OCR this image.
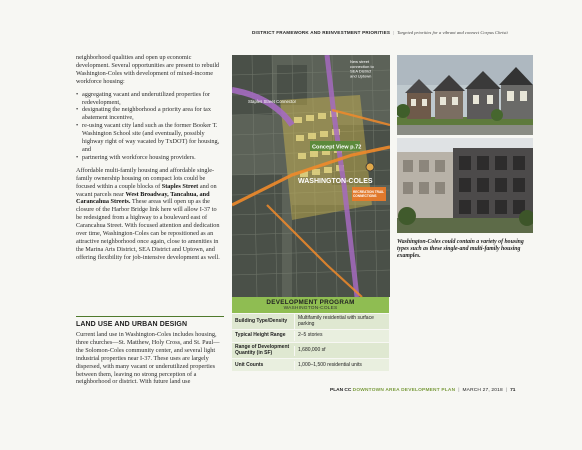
DISTRICT FRAMEWORK AND REINVESTMENT PRIORITIES | Targeted priorities for a vibrant and connect Corpus Christi

neighborhood qualities and open up economic development. Several opportunities are present to rebuild Washington-Coles with development of mixed-income workforce housing:

• aggregating vacant and underutilized properties for redevelopment,
• designating the neighborhood a priority area for tax abatement incentive,
• re-using vacant city land such as the former Booker T. Washington School site (and eventually, possibly highway right of way vacated by TxDOT) for housing, and
• partnering with workforce housing providers.

Affordable multi-family housing and affordable single-family ownership housing on compact lots could be focused within a couple blocks of Staples Street and on vacant parcels near West Broadway, Tancahua, and Carancahua Streets. These areas will open up as the closure of the Harbor Bridge link here will allow I-37 to be redesigned from a highway to a boulevard east of Carancahua Street. With focused attention and dedication over time, Washington-Coles can be repositioned as an attractive neighborhood once again, close to amenities in the Marina Arts District, SEA District and Uptown, and offering flexibility for job-intensive development as well.

LAND USE AND URBAN DESIGN

Current land use in Washington-Coles includes housing, three churches—St. Matthew, Holy Cross, and St. Paul—the Solomon-Coles community center, and several light industrial properties near I-37. These uses are largely dispersed, with many vacant or underutilized properties between them, leaving no strong perception of a neighborhood or district. With future land use

Staples Street Connector
New street connection to SEA District and Uptown
Concept View p.72
WASHINGTON-COLES
RECREATION TRAIL CONNECTIONS
Washington-Coles could contain a variety of housing types such as these single-and multi-family housing examples.
DEVELOPMENT PROGRAM
WASHINGTON-COLES
Building Type/Density	Multifamily residential with surface parking
Typical Height Range	2–5 stories
Range of Development Quantity (in SF)	1,680,000 sf
Unit Counts	1,000–1,500 residential units
PLAN CC DOWNTOWN AREA DEVELOPMENT PLAN | MARCH 27, 2018 | 71
